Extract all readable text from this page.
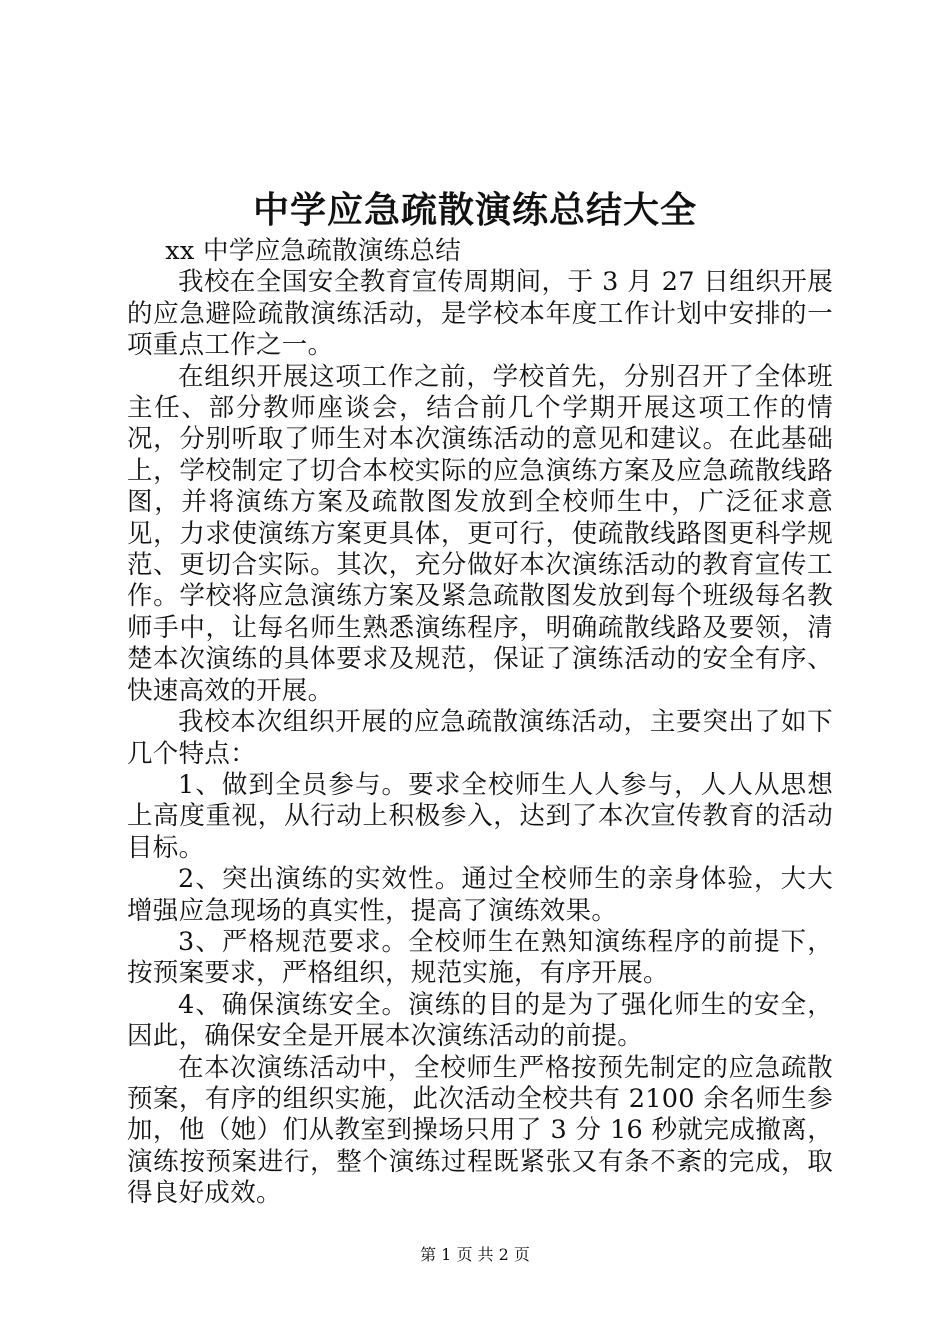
中学应急疏散演练总结大全

xx 中学应急疏散演练总结

我校在全国安全教育宣传周期间，于 3 月 27 日组织开展的应急避险疏散演练活动，是学校本年度工作计划中安排的一项重点工作之一。

在组织开展这项工作之前，学校首先，分别召开了全体班主任、部分教师座谈会，结合前几个学期开展这项工作的情况，分别听取了师生对本次演练活动的意见和建议。在此基础上，学校制定了切合本校实际的应急演练方案及应急疏散线路图，并将演练方案及疏散图发放到全校师生中，广泛征求意见，力求使演练方案更具体，更可行，使疏散线路图更科学规范、更切合实际。其次，充分做好本次演练活动的教育宣传工作。学校将应急演练方案及紧急疏散图发放到每个班级每名教师手中，让每名师生熟悉演练程序，明确疏散线路及要领，清楚本次演练的具体要求及规范，保证了演练活动的安全有序、快速高效的开展。

我校本次组织开展的应急疏散演练活动，主要突出了如下几个特点：

1、做到全员参与。要求全校师生人人参与，人人从思想上高度重视，从行动上积极参入，达到了本次宣传教育的活动目标。

2、突出演练的实效性。通过全校师生的亲身体验，大大增强应急现场的真实性，提高了演练效果。

3、严格规范要求。全校师生在熟知演练程序的前提下，按预案要求，严格组织，规范实施，有序开展。

4、确保演练安全。演练的目的是为了强化师生的安全，因此，确保安全是开展本次演练活动的前提。

在本次演练活动中，全校师生严格按预先制定的应急疏散预案，有序的组织实施，此次活动全校共有 2100 余名师生参加，他（她）们从教室到操场只用了 3 分 16 秒就完成撤离，演练按预案进行，整个演练过程既紧张又有条不紊的完成，取得良好成效。

第 1 页 共 2 页
